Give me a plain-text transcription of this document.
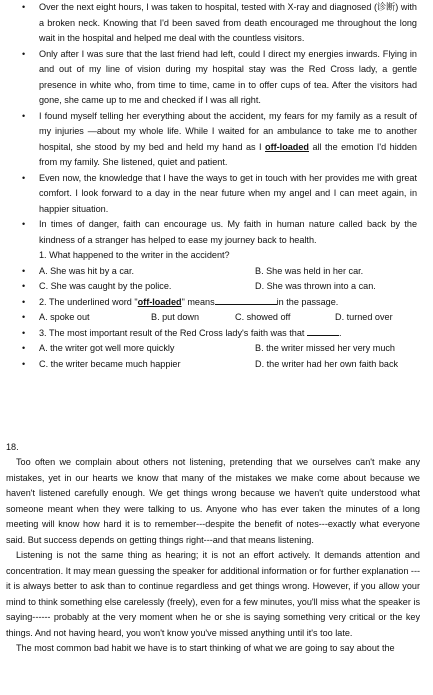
• Over the next eight hours, I was taken to hospital, tested with X-ray and diagnosed (诊断) with a broken neck. Knowing that I'd been saved from death encouraged me throughout the long wait in the hospital and helped me deal with the countless visitors.
• Only after I was sure that the last friend had left, could I direct my energies inwards. Flying in and out of my line of vision during my hospital stay was the Red Cross lady, a gentle presence in white who, from time to time, came in to offer cups of tea. After the visitors had gone, she came up to me and checked if I was all right.
• I found myself telling her everything about the accident, my fears for my family as a result of my injuries —about my whole life. While I waited for an ambulance to take me to another hospital, she stood by my bed and held my hand as I off-loaded all the emotion I'd hidden from my family. She listened, quiet and patient.
• Even now, the knowledge that I have the ways to get in touch with her provides me with great comfort. I look forward to a day in the near future when my angel and I can meet again, in happier situation.
• In times of danger, faith can encourage us. My faith in human nature called back by the kindness of a stranger has helped to ease my journey back to health.
1. What happened to the writer in the accident?
• A. She was hit by a car.	B. She was held in her car.
• C. She was caught by the police.	D. She was thrown into a can.
• 2. The underlined word "off-loaded" means	in the passage.
• A. spoke out	B. put down	C. showed off	D. turned over
• 3. The most important result of the Red Cross lady's faith was that	.
• A. the writer got well more quickly	B. the writer missed her very much
• C. the writer became much happier	D. the writer had her own faith back
18.

Too often we complain about others not listening, pretending that we ourselves can't make any mistakes, yet in our hearts we know that many of the mistakes we make come about because we haven't listened carefully enough. We get things wrong because we haven't quite understood what someone meant when they were talking to us. Anyone who has ever taken the minutes of a long meeting will know how hard it is to remember---despite the benefit of notes---exactly what everyone said. But success depends on getting things right---and that means listening.

Listening is not the same thing as hearing; it is not an effort actively. It demands attention and concentration. It may mean guessing the speaker for additional information or for further explanation --- it is always better to ask than to continue regardless and get things wrong. However, if you allow your mind to think something else carelessly (freely), even for a few minutes, you'll miss what the speaker is saying------ probably at the very moment when he or she is saying something very critical or the key things. And not having heard, you won't know you've missed anything until it's too late.

The most common bad habit we have is to start thinking of what we are going to say about the
